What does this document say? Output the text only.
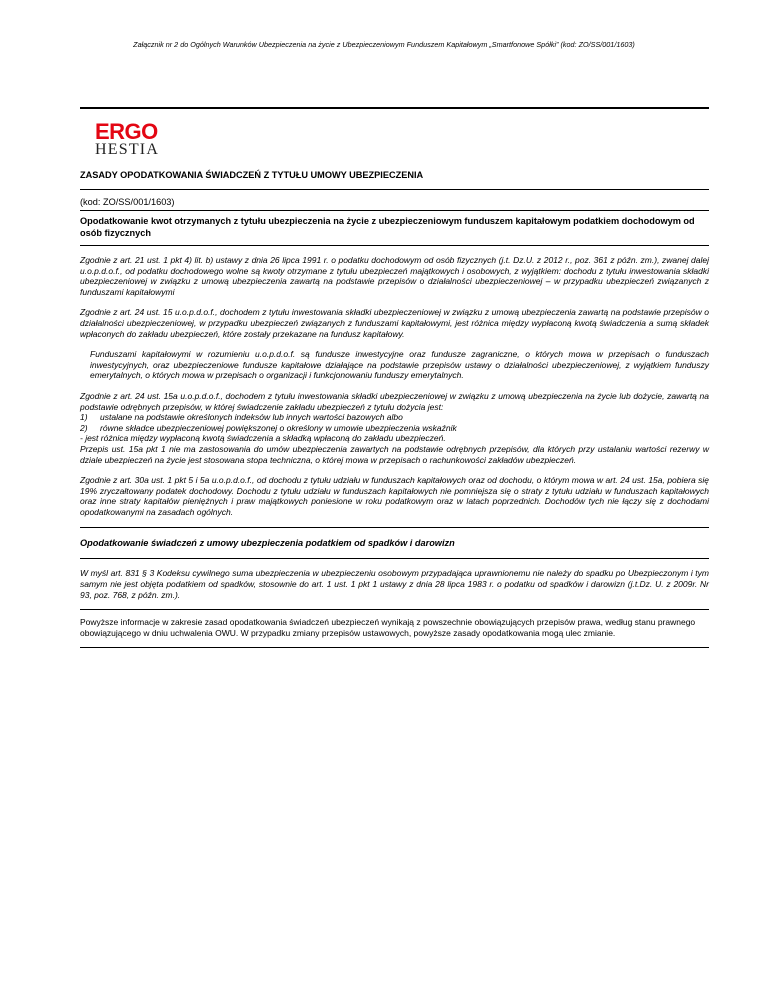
Załącznik nr 2 do Ogólnych Warunków Ubezpieczenia na życie z Ubezpieczeniowym Funduszem Kapitałowym „Smartfonowe Spółki” (kod: ZO/SS/001/1603)
ERGO
HESTIA
ZASADY OPODATKOWANIA ŚWIADCZEŃ Z TYTUŁU UMOWY UBEZPIECZENIA
(kod: ZO/SS/001/1603)
Opodatkowanie kwot otrzymanych z tytułu ubezpieczenia na życie z ubezpieczeniowym funduszem kapitałowym podatkiem dochodowym od osób fizycznych

Zgodnie z art. 21 ust. 1 pkt 4) lit. b) ustawy z dnia 26 lipca 1991 r. o podatku dochodowym od osób fizycznych (j.t. Dz.U. z 2012 r., poz. 361 z późn. zm.), zwanej dalej u.o.p.d.o.f., od podatku dochodowego wolne są kwoty otrzymane z tytułu ubezpieczeń majątkowych i osobowych, z wyjątkiem: dochodu z tytułu inwestowania składki ubezpieczeniowej w związku z umową ubezpieczenia zawartą na podstawie przepisów o działalności ubezpieczeniowej – w przypadku ubezpieczeń związanych z funduszami kapitałowymi

Zgodnie z art. 24 ust. 15 u.o.p.d.o.f., dochodem z tytułu inwestowania składki ubezpieczeniowej w związku z umową ubezpieczenia zawartą na podstawie przepisów o działalności ubezpieczeniowej, w przypadku ubezpieczeń związanych z funduszami kapitałowymi, jest różnica między wypłaconą kwotą świadczenia a sumą składek wpłaconych do zakładu ubezpieczeń, które zostały przekazane na fundusz kapitałowy.

Funduszami kapitałowymi w rozumieniu u.o.p.d.o.f. są fundusze inwestycyjne oraz fundusze zagraniczne, o których mowa w przepisach o funduszach inwestycyjnych, oraz ubezpieczeniowe fundusze kapitałowe działające na podstawie przepisów ustawy o działalności ubezpieczeniowej, z wyjątkiem funduszy emerytalnych, o których mowa w przepisach o organizacji i funkcjonowaniu funduszy emerytalnych.

Zgodnie z art. 24 ust. 15a u.o.p.d.o.f., dochodem z tytułu inwestowania składki ubezpieczeniowej w związku z umową ubezpieczenia na życie lub dożycie, zawartą na podstawie odrębnych przepisów, w której świadczenie zakładu ubezpieczeń z tytułu dożycia jest:
1)	ustalane na podstawie określonych indeksów lub innych wartości bazowych albo
2)	równe składce ubezpieczeniowej powiększonej o określony w umowie ubezpieczenia wskaźnik
- jest różnica między wypłaconą kwotą świadczenia a składką wpłaconą do zakładu ubezpieczeń.
Przepis ust. 15a pkt 1 nie ma zastosowania do umów ubezpieczenia zawartych na podstawie odrębnych przepisów, dla których przy ustalaniu wartości rezerwy w dziale ubezpieczeń na życie jest stosowana stopa techniczna, o której mowa w przepisach o rachunkowości zakładów ubezpieczeń.

Zgodnie z art. 30a ust. 1 pkt 5 i 5a u.o.p.d.o.f., od dochodu z tytułu udziału w funduszach kapitałowych oraz od dochodu, o którym mowa w art. 24 ust. 15a, pobiera się 19% zryczałtowany podatek dochodowy. Dochodu z tytułu udziału w funduszach kapitałowych nie pomniejsza się o straty z tytułu udziału w funduszach kapitałowych oraz inne straty kapitałów pieniężnych i praw majątkowych poniesione w roku podatkowym oraz w latach poprzednich. Dochodów tych nie łączy się z dochodami opodatkowanymi na zasadach ogólnych.

Opodatkowanie świadczeń z umowy ubezpieczenia podatkiem od spadków i darowizn

W myśl art. 831 § 3 Kodeksu cywilnego suma ubezpieczenia w ubezpieczeniu osobowym przypadająca uprawnionemu nie należy do spadku po Ubezpieczonym i tym samym nie jest objęta podatkiem od spadków, stosownie do art. 1 ust. 1 pkt 1 ustawy z dnia 28 lipca 1983 r. o podatku od spadków i darowizn (j.t.Dz. U. z 2009r. Nr 93, poz. 768, z późn. zm.).

Powyższe informacje w zakresie zasad opodatkowania świadczeń ubezpieczeń wynikają z powszechnie obowiązujących przepisów prawa, według stanu prawnego obowiązującego w dniu uchwalenia OWU. W przypadku zmiany przepisów ustawowych, powyższe zasady opodatkowania mogą ulec zmianie.
